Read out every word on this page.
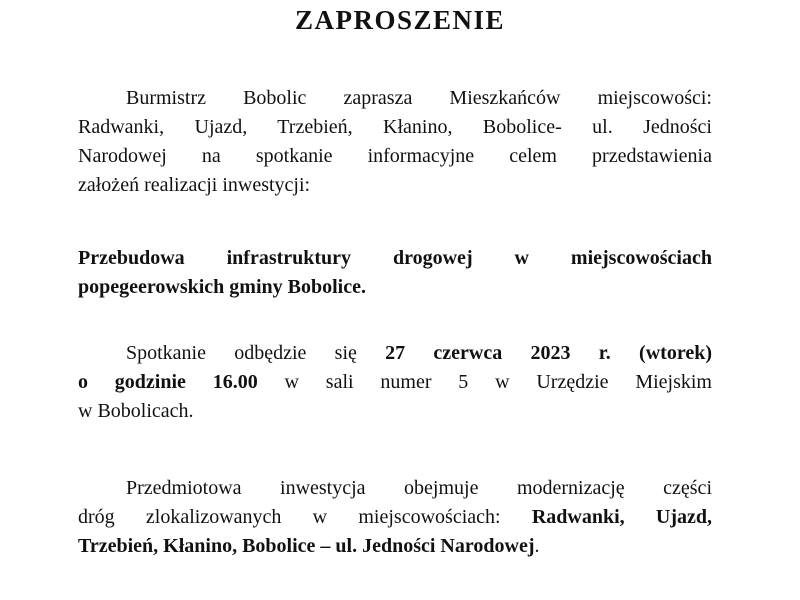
ZAPROSZENIE
Burmistrz Bobolic zaprasza Mieszkańców miejscowości:
Radwanki, Ujazd, Trzebień, Kłanino, Bobolice- ul. Jedności
Narodowej na spotkanie informacyjne celem przedstawienia
założeń realizacji inwestycji:
Przebudowa infrastruktury drogowej w miejscowościach
popegeerowskich gminy Bobolice.
Spotkanie odbędzie się 27 czerwca 2023 r. (wtorek)
o godzinie 16.00 w sali numer 5 w Urzędzie Miejskim
w Bobolicach.
Przedmiotowa inwestycja obejmuje modernizację części
dróg zlokalizowanych w miejscowościach: Radwanki, Ujazd,
Trzebień, Kłanino, Bobolice – ul. Jedności Narodowej.
